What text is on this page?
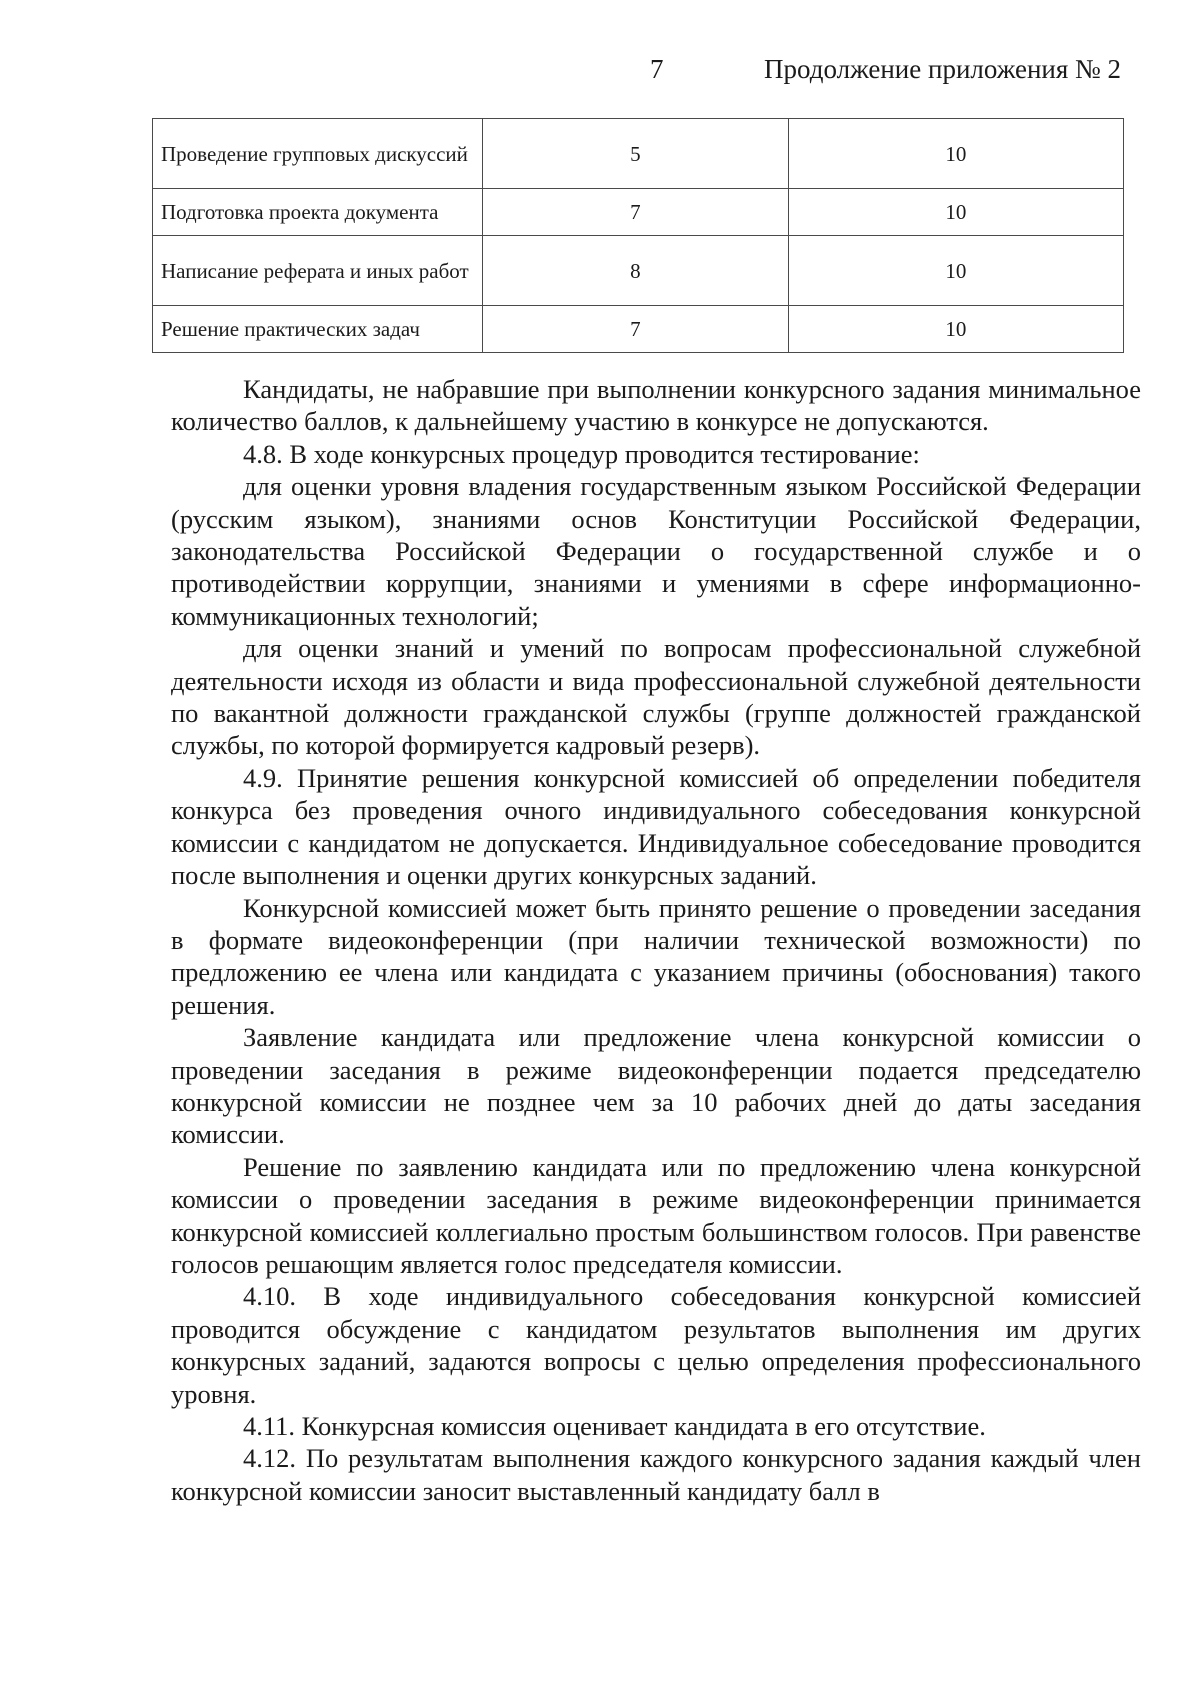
7	Продолжение приложения № 2
Проведение групповых дискуссий	5	10
Подготовка проекта документа	7	10
Написание реферата и иных работ	8	10
Решение практических задач	7	10

Кандидаты, не набравшие при выполнении конкурсного задания минимальное количество баллов, к дальнейшему участию в конкурсе не допускаются.

4.8. В ходе конкурсных процедур проводится тестирование:

для оценки уровня владения государственным языком Российской Федерации (русским языком), знаниями основ Конституции Российской Федерации, законодательства Российской Федерации о государственной службе и о противодействии коррупции, знаниями и умениями в сфере информационно-коммуникационных технологий;

для оценки знаний и умений по вопросам профессиональной служебной деятельности исходя из области и вида профессиональной служебной деятельности по вакантной должности гражданской службы (группе должностей гражданской службы, по которой формируется кадровый резерв).

4.9. Принятие решения конкурсной комиссией об определении победителя конкурса без проведения очного индивидуального собеседования конкурсной комиссии с кандидатом не допускается. Индивидуальное собеседование проводится после выполнения и оценки других конкурсных заданий.

Конкурсной комиссией может быть принято решение о проведении заседания в формате видеоконференции (при наличии технической возможности) по предложению ее члена или кандидата с указанием причины (обоснования) такого решения.

Заявление кандидата или предложение члена конкурсной комиссии о проведении заседания в режиме видеоконференции подается председателю конкурсной комиссии не позднее чем за 10 рабочих дней до даты заседания комиссии.

Решение по заявлению кандидата или по предложению члена конкурсной комиссии о проведении заседания в режиме видеоконференции принимается конкурсной комиссией коллегиально простым большинством голосов. При равенстве голосов решающим является голос председателя комиссии.

4.10. В ходе индивидуального собеседования конкурсной комиссией проводится обсуждение с кандидатом результатов выполнения им других конкурсных заданий, задаются вопросы с целью определения профессионального уровня.

4.11. Конкурсная комиссия оценивает кандидата в его отсутствие.

4.12. По результатам выполнения каждого конкурсного задания каждый член конкурсной комиссии заносит выставленный кандидату балл в
